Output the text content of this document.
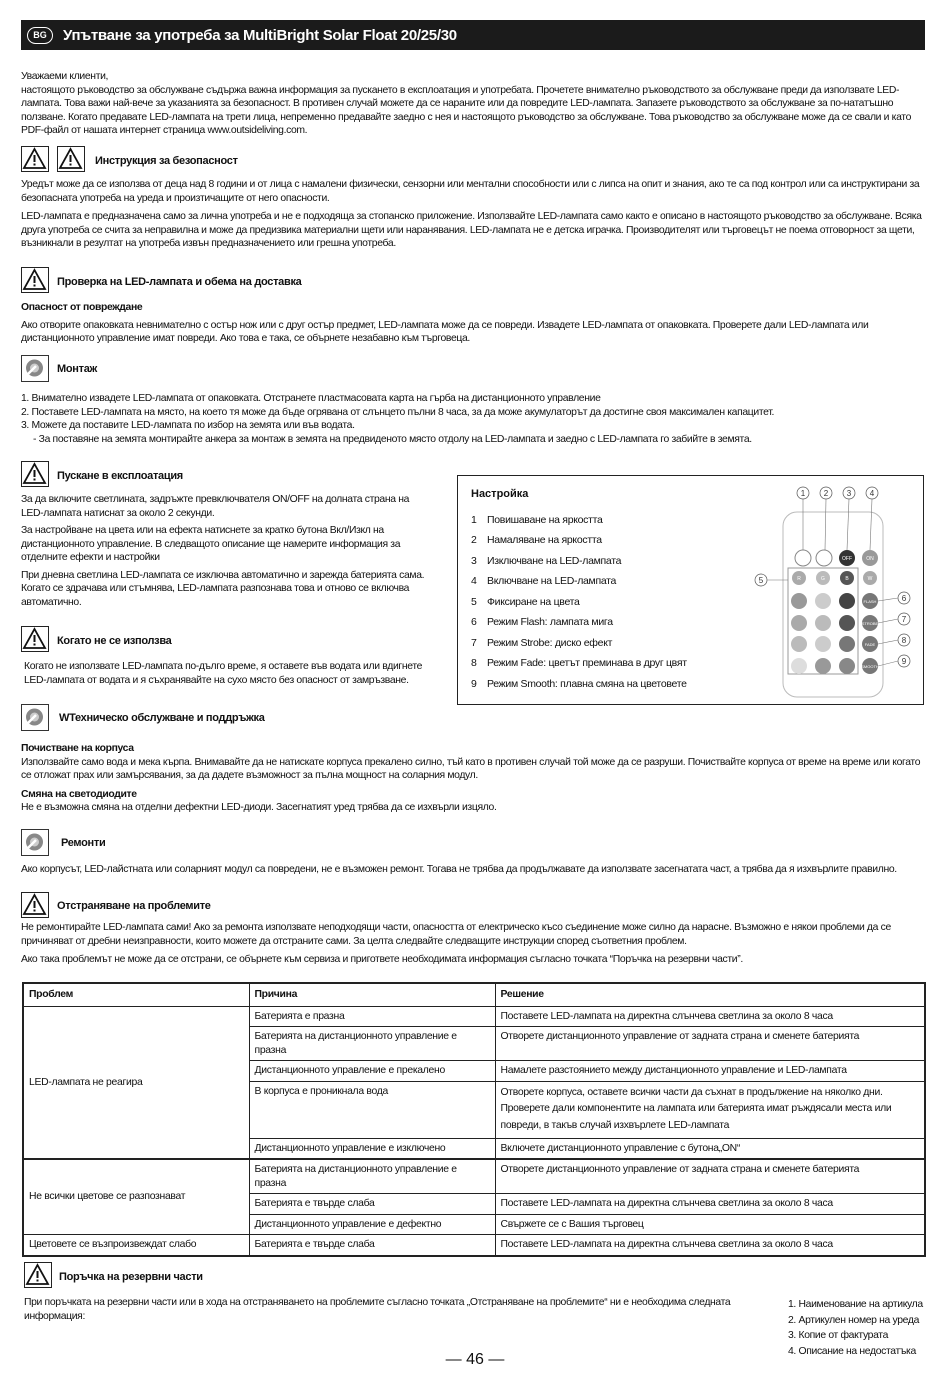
BG	Упътване за употреба за MultiBright Solar Float 20/25/30

Уважаеми клиенти,

настоящото ръководство за обслужване съдържа важна информация за пускането в експлоатация и употребата. Прочетете внимателно ръководството за обслужване преди да използвате LED-лампата. Това важи най-вече за указанията за безопасност. В противен случай можете да се нараните или да повредите LED-лампата. Запазете ръководството за обслужване за по-нататъшно ползване. Когато предавате LED-лампата на трети лица, непременно предавайте заедно с нея и настоящото ръководство за обслужване. Това ръководство за обслужване може да се свали и като PDF-файл от нашата интернет страница www.outsideliving.com.

Инструкция за безопасност

Уредът може да се използва от деца над 8 години и от лица с намалени физически, сензорни или ментални способности или с липса на опит и знания, ако те са под контрол или са инструктирани за безопасната употреба на уреда и произтичащите от него опасности.

LED-лампата е предназначена само за лична употреба и не е подходяща за стопанско приложение. Използвайте LED-лампата само както е описано в настоящото ръководство за обслужване. Всяка друга употреба се счита за неправилна и може да предизвика материални щети или наранявания. LED-лампата не е детска играчка. Производителят или търговецът не поема отговорност за щети, възникнали в резултат на употреба извън предназначението или грешна употреба.

Проверка на LED-лампата и обема на доставка

Опасност от повреждане

Ако отворите опаковката невнимателно с остър нож или с друг остър предмет, LED-лампата може да се повреди. Извадете LED-лампата от опаковката. Проверете дали LED-лампата или дистанционното управление имат повреди. Ако това е така, се обърнете незабавно към търговеца.

Монтаж

1. Внимателно извадете LED-лампата от опаковката. Отстранете пластмасовата карта на гърба на дистанционното управление

2. Поставете LED-лампата на място, на което тя може да бъде огрявана от слънцето пълни 8 часа, за да може акумулаторът да достигне своя максимален капацитет.

3. Можете да поставите LED-лампата по избор на земята или във водата.

- За поставяне на земята монтирайте анкера за монтаж в земята на предвиденото място отдолу на LED-лампата и заедно с LED-лампата го забийте в земята.

Пускане в експлоатация

За да включите светлината, задръжте превключвателя ON/OFF на долната страна на LED-лампата натиснат за около 2 секунди.

За настройване на цвета или на ефекта натиснете за кратко бутона Вкл/Изкл на дистанционното управление. В следващото описание ще намерите информация за отделните ефекти и настройки

При дневна светлина LED-лампата се изключва автоматично и зарежда батерията сама. Когато се здрачава или стъмнява, LED-лампата разпознава това и отново се включва автоматично.

Когато не се използва
Когато не използвате LED-лампата по-дълго време, я оставете във водата или вдигнете LED-лампата от водата и я съхранявайте на сухо място без опасност от замръзване.
Настройка
1 Повишаване на яркостта
2 Намаляване на яркостта
3 Изключване на LED-лампата
4 Включване на LED-лампата
5 Фиксиране на цвета
6 Режим Flash: лампата мига
7 Режим Strobe: диско ефект
8 Режим Fade: цветът преминава в друг цвят
9 Режим Smooth: плавна смяна на цветовете
OFF	ON
R	G	B	W
FLASH
STROBE
FADE
SMOOTH
1 2 3 4
5
6
7
8
9
WТехническо обслужване и поддръжка

Почистване на корпуса

Използвайте само вода и мека кърпа. Внимавайте да не натискате корпуса прекалено силно, тъй като в противен случай той може да се разруши. Почиствайте корпуса от време на време или когато се отложат прах или замърсявания, за да дадете възможност за пълна мощност на соларния модул.

Смяна на светодиодите

Не е възможна смяна на отделни дефектни LED-диоди. Засегнатият уред трябва да се изхвърли изцяло.

Ремонти
Ако корпусът, LED-лайстната или соларният модул са повредени, не е възможен ремонт. Тогава не трябва да продължавате да използвате засегнатата част, а трябва да я изхвърлите правилно.
Отстраняване на проблемите

Не ремонтирайте LED-лампата сами! Ако за ремонта използвате неподходящи части, опасността от електрическо късо съединение може силно да нарасне. Възможно е някои проблеми да се причиняват от дребни неизправности, които можете да отстраните сами. За целта следвайте следващите инструкции според съответния проблем.

Ако така проблемът не може да се отстрани, се обърнете към сервиза и пригответе необходимата информация съгласно точката “Поръчка на резервни части”.

Проблем	Причина	Решение
LED-лампата не реагира	Батерията е празна	Поставете LED-лампата на директна слънчева светлина за около 8 часа
	Батерията на дистанционното управление е празна	Отворете дистанционното управление от задната страна и сменете батерията
	Дистанционното управление е прекалено	Намалете разстоянието между дистанционното управление и LED-лампата
	В корпуса е проникнала вода	Отворете корпуса, оставете всички части да съхнат в продължение на няколко дни. Проверете дали компонентите на лампата или батерията имат ръждясали места или повреди, в такъв случай изхвърлете LED-лампата
	Дистанционното управление е изключено	Включете дистанционното управление с бутона„ON“
Не всички цветове се разпознават	Батерията на дистанционното управление е празна	Отворете дистанционното управление от задната страна и сменете батерията
	Батерията е твърде слаба	Поставете LED-лампата на директна слънчева светлина за около 8 часа
	Дистанционното управление е дефектно	Свържете се с Вашия търговец
Цветовете се възпроизвеждат слабо	Батерията е твърде слаба	Поставете LED-лампата на директна слънчева светлина за около 8 часа
Поръчка на резервни части
При поръчката на резервни части или в хода на отстраняването на проблемите съгласно точката „Отстраняване на проблемите“ ни е необходима следната информация:

1. Наименование на артикула

2. Артикулен номер на уреда

3. Копие от фактурата

4. Описание на недостатъка

— 46 —
